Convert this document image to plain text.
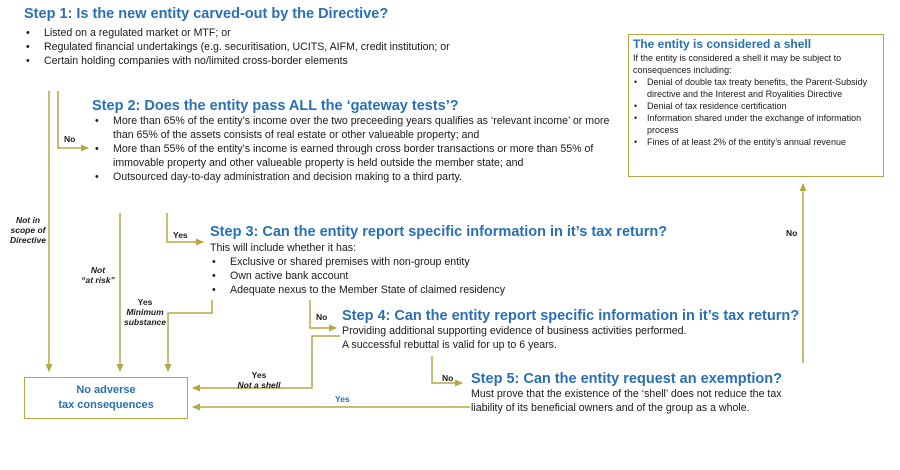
Step 1: Is the new entity carved-out by the Directive?
• Listed on a regulated market or MTF; or
• Regulated financial undertakings (e.g. securitisation, UCITS, AIFM, credit institution; or
• Certain holding companies with no/limited cross-border elements
Step 2: Does the entity pass ALL the ‘gateway tests’?
• More than 65% of the entity’s income over the two preceeding years qualifies as ‘relevant income’ or more than 65% of the assets consists of real estate or other valueable property; and
• More than 55% of the entity’s income is earned through cross border transactions or more than 55% of immovable property and other valueable property is held outside the member state; and
• Outsourced day-to-day administration and decision making to a third party.
Step 3: Can the entity report specific information in it’s tax return?
This will include whether it has:
• Exclusive or shared premises with non-group entity
• Own active bank account
• Adequate nexus to the Member State of claimed residency
Step 4: Can the entity report specific information in it’s tax return?
Providing additional supporting evidence of business activities performed.
A successful rebuttal is valid for up to 6 years.
Step 5: Can the entity request an exemption?
Must prove that the existence of the ‘shell’ does not reduce the tax
liability of its beneficial owners and of the group as a whole.
The entity is considered a shell
If the entity is considered a shell it may be subject to consequences including:
• Denial of double tax treaty benefits, the Parent-Subsidy directive and the Interest and Royalities Directive
• Denial of tax residence certification
• Information shared under the exchange of information process
• Fines of at least 2% of the entity’s annual revenue
No adverse
tax consequences
No
Not in
scope of
Directive
Not
“at risk”
Yes
Yes
Minimum
substance	No
Yes
Not a shell
No
Yes
No
